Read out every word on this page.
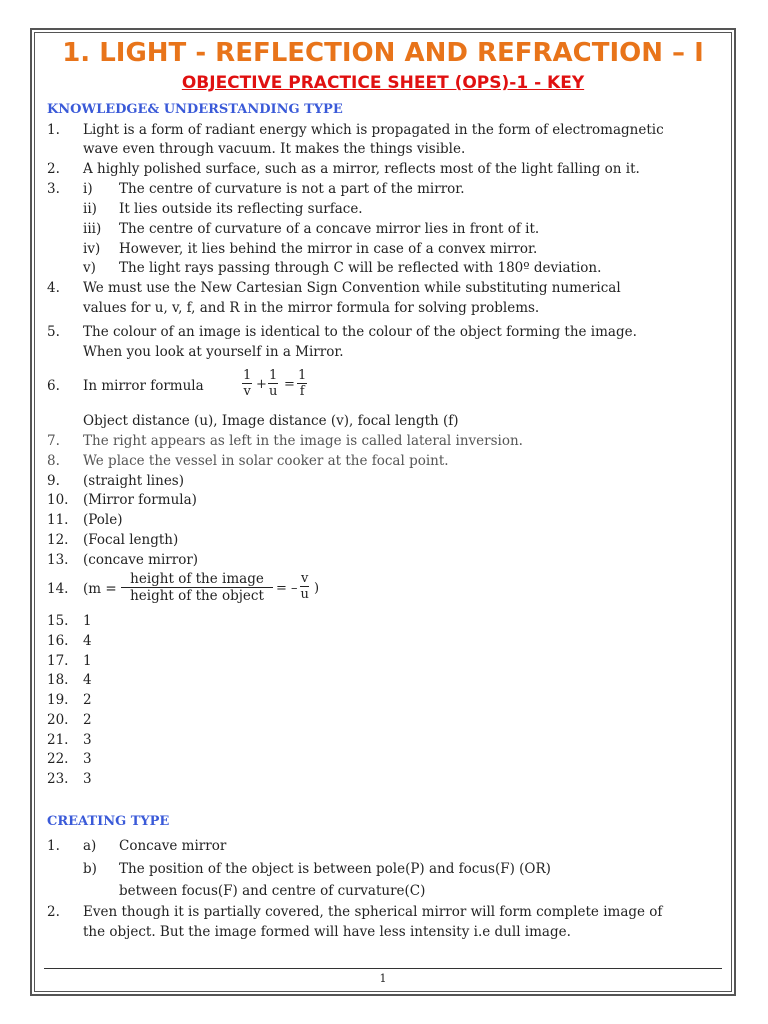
1. LIGHT - REFLECTION AND REFRACTION – I
OBJECTIVE PRACTICE SHEET (OPS)-1 - KEY
KNOWLEDGE& UNDERSTANDING TYPE
1. Light is a form of radiant energy which is propagated in the form of electromagnetic
wave even through vacuum. It makes the things visible.
2. A highly polished surface, such as a mirror, reflects most of the light falling on it.
3. i) The centre of curvature is not a part of the mirror.
ii) It lies outside its reflecting surface.
iii) The centre of curvature of a concave mirror lies in front of it.
iv) However, it lies behind the mirror in case of a convex mirror.
v) The light rays passing through C will be reflected with 180º deviation.
4. We must use the New Cartesian Sign Convention while substituting numerical
values for u, v, f, and R in the mirror formula for solving problems.
5. The colour of an image is identical to the colour of the object forming the image.
When you look at yourself in a Mirror.
6. In mirror formula	$\frac{1}{v} + \frac{1}{u} = \frac{1}{f}$
Object distance (u), Image distance (v), focal length (f)
7. The right appears as left in the image is called lateral inversion.
8. We place the vessel in solar cooker at the focal point.
9. (straight lines)
10. (Mirror formula)
11. (Pole)
12. (Focal length)
13. (concave mirror)
14. (m =
height of the image
height of the object = – $\frac{v}{u}$ )
15. 1
16. 4
17. 1
18. 4
19. 2
20. 2
21. 3
22. 3
23. 3
CREATING TYPE
1. a) Concave mirror
b) The position of the object is between pole(P) and focus(F) (OR)
between focus(F) and centre of curvature(C)
2. Even though it is partially covered, the spherical mirror will form complete image of
the object. But the image formed will have less intensity i.e dull image.
1
